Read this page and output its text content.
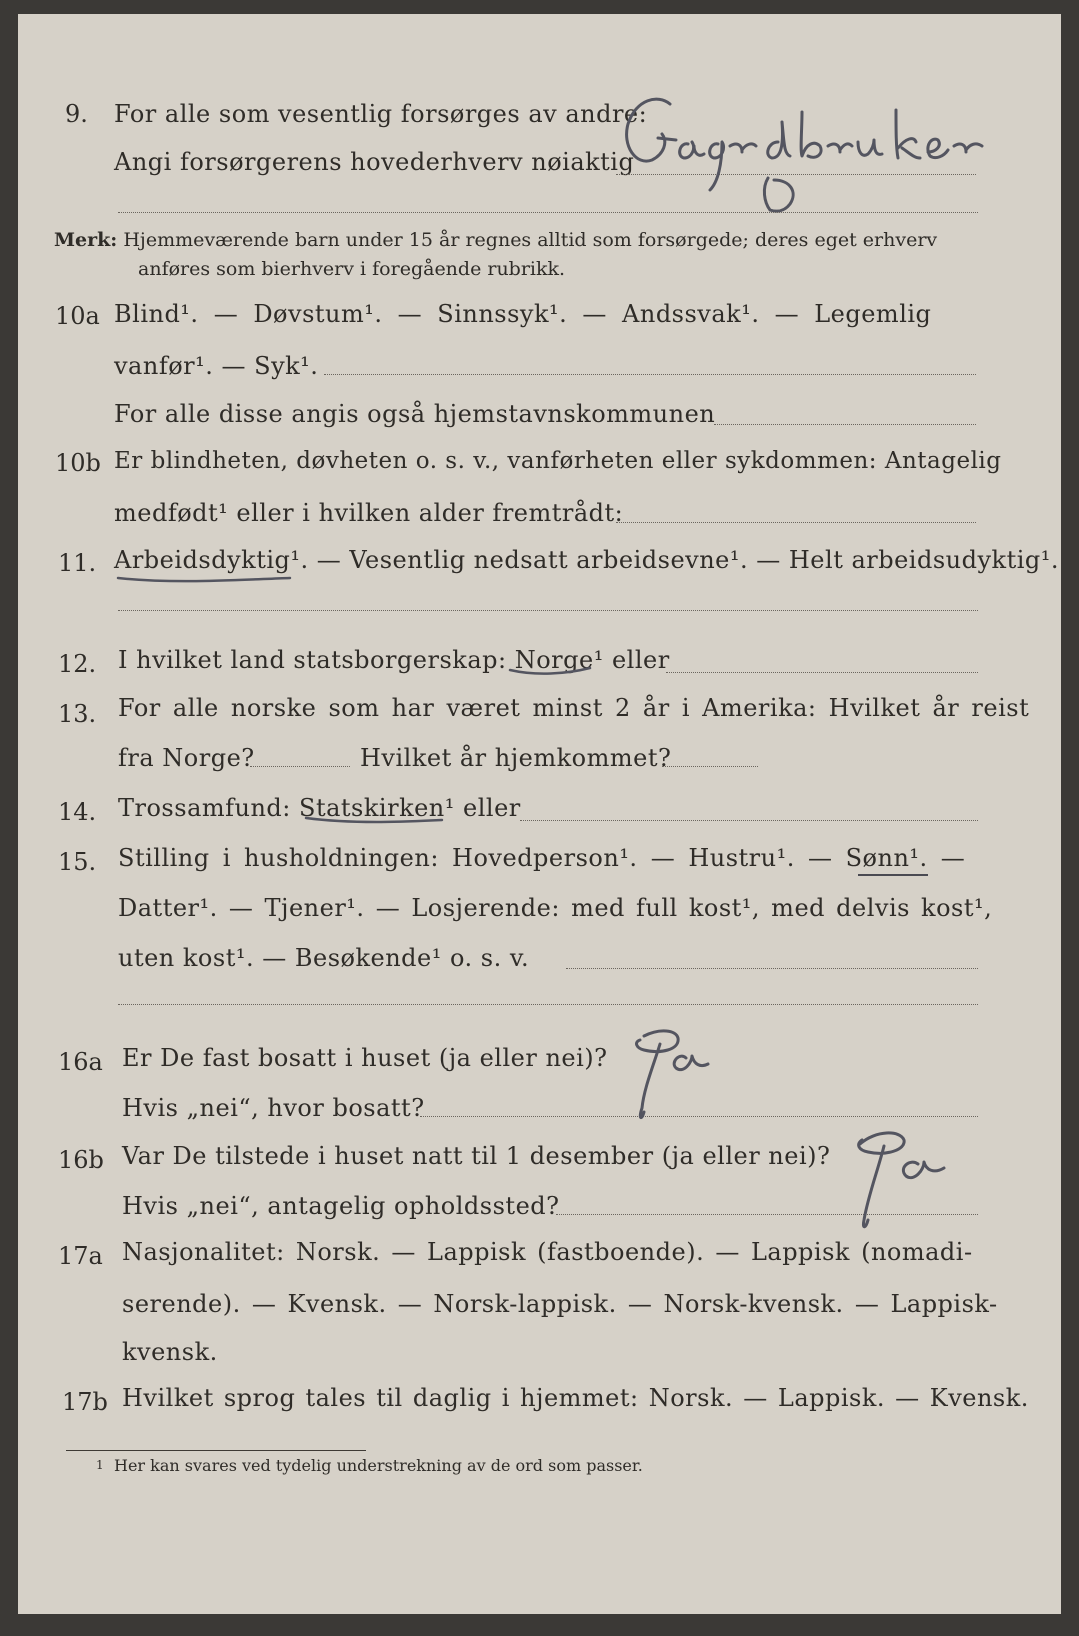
9. For alle som vesentlig forsørges av andre:
Angi forsørgerens hovederhverv nøiaktig
Merk: Hjemmeværende barn under 15 år regnes alltid som forsørgede; deres eget erhverv
anføres som bierhverv i foregående rubrikk.
10a Blind¹. — Døvstum¹. — Sinnssyk¹. — Andssvak¹. — Legemlig
vanfør¹. — Syk¹.
For alle disse angis også hjemstavnskommunen
10b Er blindheten, døvheten o. s. v., vanførheten eller sykdommen: Antagelig
medfødt¹ eller i hvilken alder fremtrådt:
11. Arbeidsdyktig¹. — Vesentlig nedsatt arbeidsevne¹. — Helt arbeidsudyktig¹.
12. I hvilket land statsborgerskap: Norge¹ eller
13. For alle norske som har været minst 2 år i Amerika: Hvilket år reist
fra Norge?	Hvilket år hjemkommet?
14. Trossamfund: Statskirken¹ eller
15. Stilling i husholdningen: Hovedperson¹. — Hustru¹. — Sønn¹. —
Datter¹. — Tjener¹. — Losjerende: med full kost¹, med delvis kost¹,
uten kost¹. — Besøkende¹ o. s. v.
16a Er De fast bosatt i huset (ja eller nei)?
Hvis „nei“, hvor bosatt?
16b Var De tilstede i huset natt til 1 desember (ja eller nei)?
Hvis „nei“, antagelig opholdssted?
17a Nasjonalitet: Norsk. — Lappisk (fastboende). — Lappisk (nomadi-
serende). — Kvensk. — Norsk-lappisk. — Norsk-kvensk. — Lappisk-
kvensk.
17b Hvilket sprog tales til daglig i hjemmet: Norsk. — Lappisk. — Kvensk.
1 Her kan svares ved tydelig understrekning av de ord som passer.
